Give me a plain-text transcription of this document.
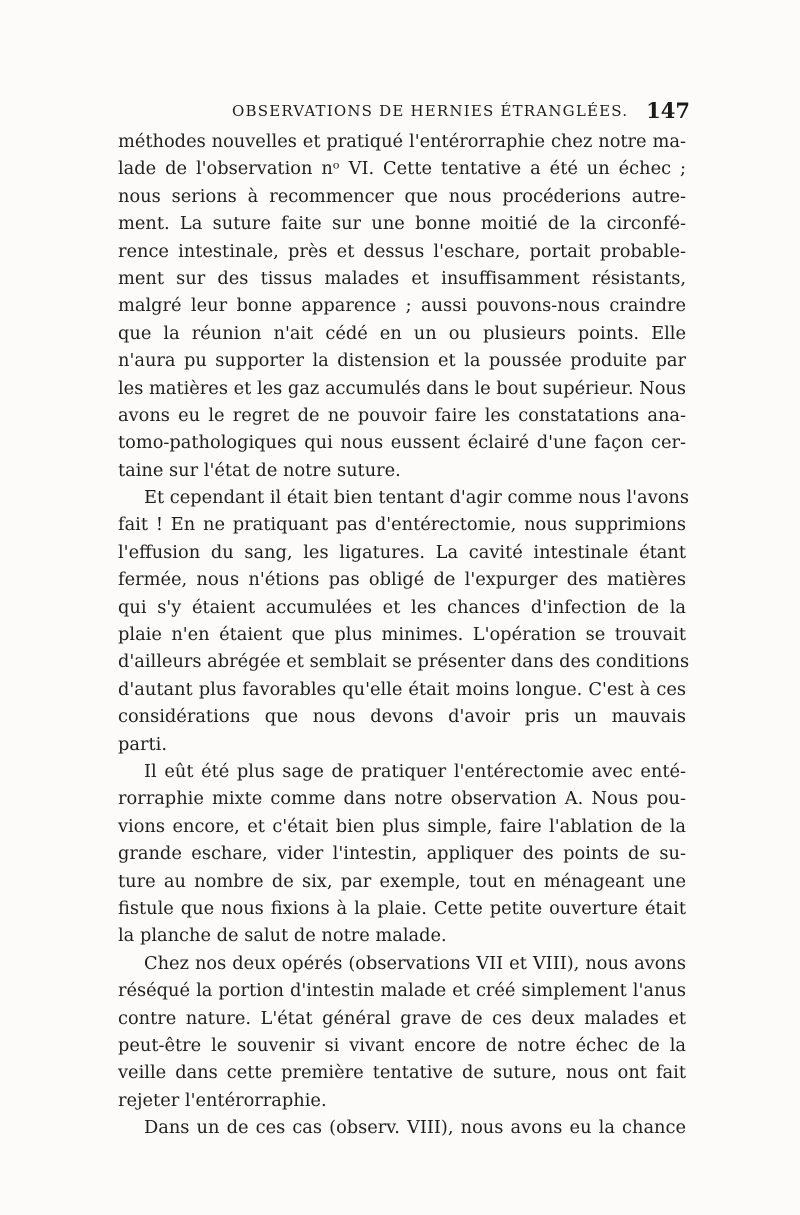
OBSERVATIONS DE HERNIES ÉTRANGLÉES. 147
méthodes nouvelles et pratiqué l'entérorraphie chez notre ma-
lade de l'observation nᵒ VI. Cette tentative a été un échec ;
nous serions à recommencer que nous procéderions autre-
ment. La suture faite sur une bonne moitié de la circonfé-
rence intestinale, près et dessus l'eschare, portait probable-
ment sur des tissus malades et insuffisamment résistants,
malgré leur bonne apparence ; aussi pouvons-nous craindre
que la réunion n'ait cédé en un ou plusieurs points. Elle
n'aura pu supporter la distension et la poussée produite par
les matières et les gaz accumulés dans le bout supérieur. Nous
avons eu le regret de ne pouvoir faire les constatations ana-
tomo-pathologiques qui nous eussent éclairé d'une façon cer-
taine sur l'état de notre suture.
Et cependant il était bien tentant d'agir comme nous l'avons
fait ! En ne pratiquant pas d'entérectomie, nous supprimions
l'effusion du sang, les ligatures. La cavité intestinale étant
fermée, nous n'étions pas obligé de l'expurger des matières
qui s'y étaient accumulées et les chances d'infection de la
plaie n'en étaient que plus minimes. L'opération se trouvait
d'ailleurs abrégée et semblait se présenter dans des conditions
d'autant plus favorables qu'elle était moins longue. C'est à ces
considérations que nous devons d'avoir pris un mauvais
parti.
Il eût été plus sage de pratiquer l'entérectomie avec enté-
rorraphie mixte comme dans notre observation A. Nous pou-
vions encore, et c'était bien plus simple, faire l'ablation de la
grande eschare, vider l'intestin, appliquer des points de su-
ture au nombre de six, par exemple, tout en ménageant une
fistule que nous fixions à la plaie. Cette petite ouverture était
la planche de salut de notre malade.
Chez nos deux opérés (observations VII et VIII), nous avons
réséqué la portion d'intestin malade et créé simplement l'anus
contre nature. L'état général grave de ces deux malades et
peut-être le souvenir si vivant encore de notre échec de la
veille dans cette première tentative de suture, nous ont fait
rejeter l'entérorraphie.
Dans un de ces cas (observ. VIII), nous avons eu la chance
